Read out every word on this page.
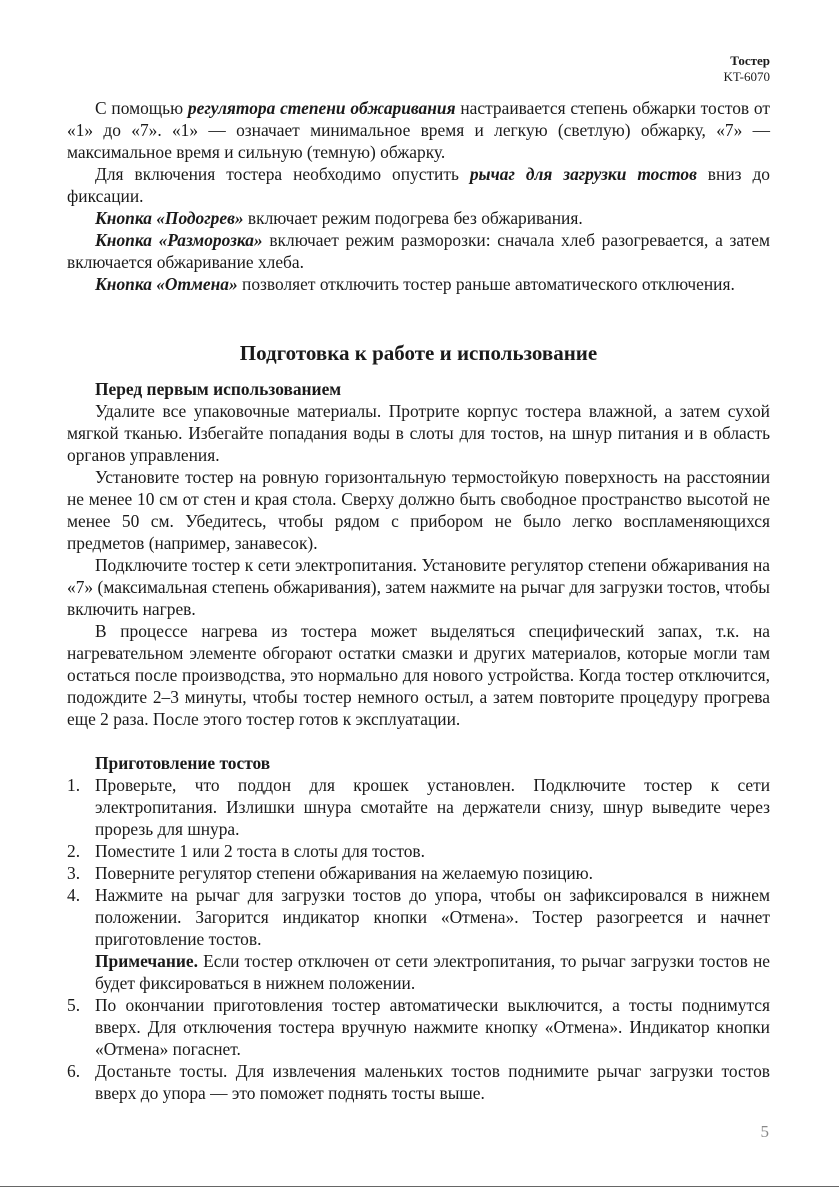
Тостер
KT-6070

С помощью регулятора степени обжаривания настраивается степень обжарки тостов от «1» до «7». «1» — означает минимальное время и легкую (светлую) обжарку, «7» — максимальное время и сильную (темную) обжарку.

Для включения тостера необходимо опустить рычаг для загрузки тостов вниз до фиксации.

Кнопка «Подогрев» включает режим подогрева без обжаривания.

Кнопка «Разморозка» включает режим разморозки: сначала хлеб разогревается, а затем включается обжаривание хлеба.

Кнопка «Отмена» позволяет отключить тостер раньше автоматического отключения.

Подготовка к работе и использование
Перед первым использованием

Удалите все упаковочные материалы. Протрите корпус тостера влажной, а затем сухой мягкой тканью. Избегайте попадания воды в слоты для тостов, на шнур питания и в область органов управления.

Установите тостер на ровную горизонтальную термостойкую поверхность на расстоянии не менее 10 см от стен и края стола. Сверху должно быть свободное пространство высотой не менее 50 см. Убедитесь, чтобы рядом с прибором не было легко воспламеняющихся предметов (например, занавесок).

Подключите тостер к сети электропитания. Установите регулятор степени обжаривания на «7» (максимальная степень обжаривания), затем нажмите на рычаг для загрузки тостов, чтобы включить нагрев.

В процессе нагрева из тостера может выделяться специфический запах, т.к. на нагревательном элементе обгорают остатки смазки и других материалов, которые могли там остаться после производства, это нормально для нового устройства. Когда тостер отключится, подождите 2–3 минуты, чтобы тостер немного остыл, а затем повторите процедуру прогрева еще 2 раза. После этого тостер готов к эксплуатации.

Приготовление тостов
1. Проверьте, что поддон для крошек установлен. Подключите тостер к сети электропитания. Излишки шнура смотайте на держатели снизу, шнур выведите через прорезь для шнура.
2. Поместите 1 или 2 тоста в слоты для тостов.
3. Поверните регулятор степени обжаривания на желаемую позицию.
4. Нажмите на рычаг для загрузки тостов до упора, чтобы он зафиксировался в нижнем положении. Загорится индикатор кнопки «Отмена». Тостер разогреется и начнет приготовление тостов.
Примечание. Если тостер отключен от сети электропитания, то рычаг загрузки тостов не будет фиксироваться в нижнем положении.
5. По окончании приготовления тостер автоматически выключится, а тосты поднимутся вверх. Для отключения тостера вручную нажмите кнопку «Отмена». Индикатор кнопки «Отмена» погаснет.
6. Достаньте тосты. Для извлечения маленьких тостов поднимите рычаг загрузки тостов вверх до упора — это поможет поднять тосты выше.
5
